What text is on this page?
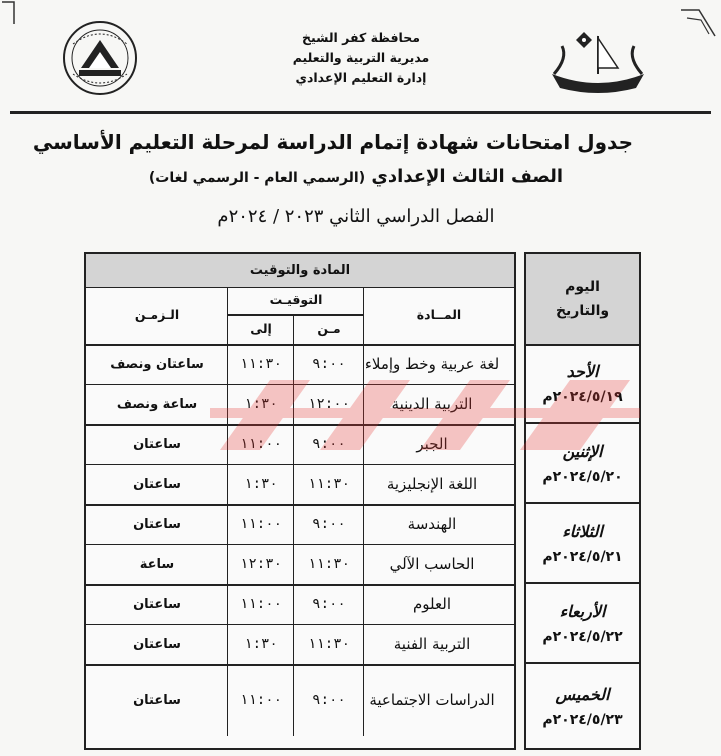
محافظة كفر الشيخ
مديرية التربية والتعليم
إدارة التعليم الإعدادي
جدول امتحانات شهادة إتمام الدراسة لمرحلة التعليم الأساسي
الصف الثالث الإعدادي (الرسمي العام - الرسمي لغات)
الفصل الدراسي الثاني ٢٠٢٣ / ٢٠٢٤م
المادة والتوقيت
المــادة
التوقيـت
مـن
إلى
الـزمـن
لغة عربية وخط وإملاء
٩:٠٠
١١:٣٠
ساعتان ونصف
التربية الدينية
١٢:٠٠
١:٣٠
ساعة ونصف
الجبر
٩:٠٠
١١:٠٠
ساعتان
اللغة الإنجليزية
١١:٣٠
١:٣٠
ساعتان
الهندسة
٩:٠٠
١١:٠٠
ساعتان
الحاسب الآلي
١١:٣٠
١٢:٣٠
ساعة
العلوم
٩:٠٠
١١:٠٠
ساعتان
التربية الفنية
١١:٣٠
١:٣٠
ساعتان
الدراسات الاجتماعية
٩:٠٠
١١:٠٠
ساعتان
اليوم
والتاريخ
الأحد
٢٠٢٤/٥/١٩م
الإثنين
٢٠٢٤/٥/٢٠م
الثلاثاء
٢٠٢٤/٥/٢١م
الأربعاء
٢٠٢٤/٥/٢٢م
الخميس
٢٠٢٤/٥/٢٣م
